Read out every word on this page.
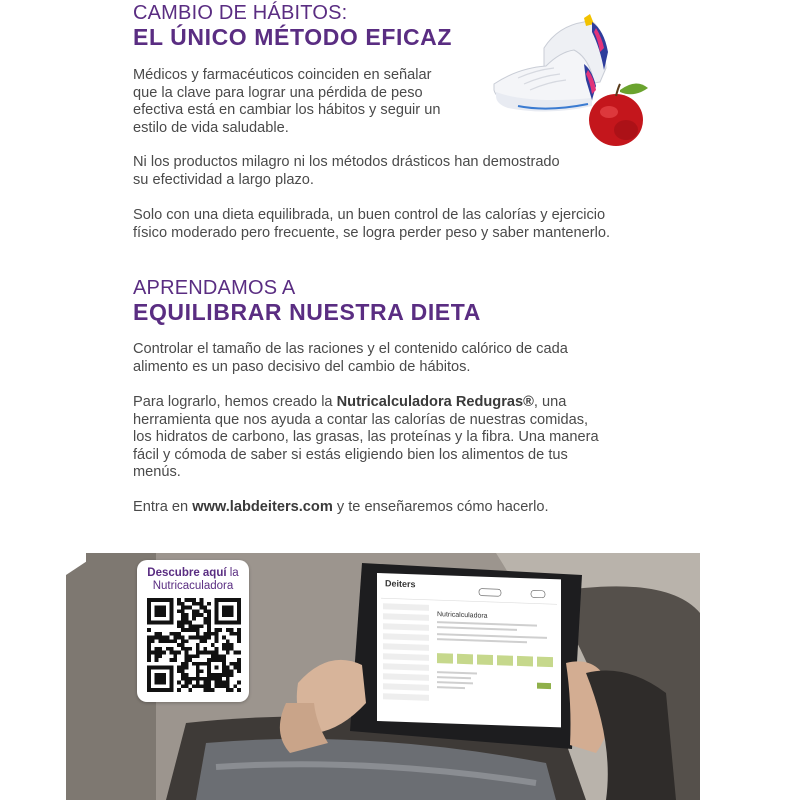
CAMBIO DE HÁBITOS:
EL ÚNICO MÉTODO EFICAZ

Médicos y farmacéuticos coinciden en señalar
que la clave para lograr una pérdida de peso
efectiva está en cambiar los hábitos y seguir un
estilo de vida saludable.

Ni los productos milagro ni los métodos drásticos han demostrado
su efectividad a largo plazo.

Solo con una dieta equilibrada, un buen control de las calorías y ejercicio
físico moderado pero frecuente, se logra perder peso y saber mantenerlo.

APRENDAMOS A
EQUILIBRAR NUESTRA DIETA

Controlar el tamaño de las raciones y el contenido calórico de cada
alimento es un paso decisivo del cambio de hábitos.

Para lograrlo, hemos creado la Nutricalculadora Redugras®, una
herramienta que nos ayuda a contar las calorías de nuestras comidas,
los hidratos de carbono, las grasas, las proteínas y la fibra. Una manera
fácil y cómoda de saber si estás eligiendo bien los alimentos de tus
menús.

Entra en www.labdeiters.com y te enseñaremos cómo hacerlo.

Deiters
Nutricalculadora
Descubre aquí la
Nutricaculadora
